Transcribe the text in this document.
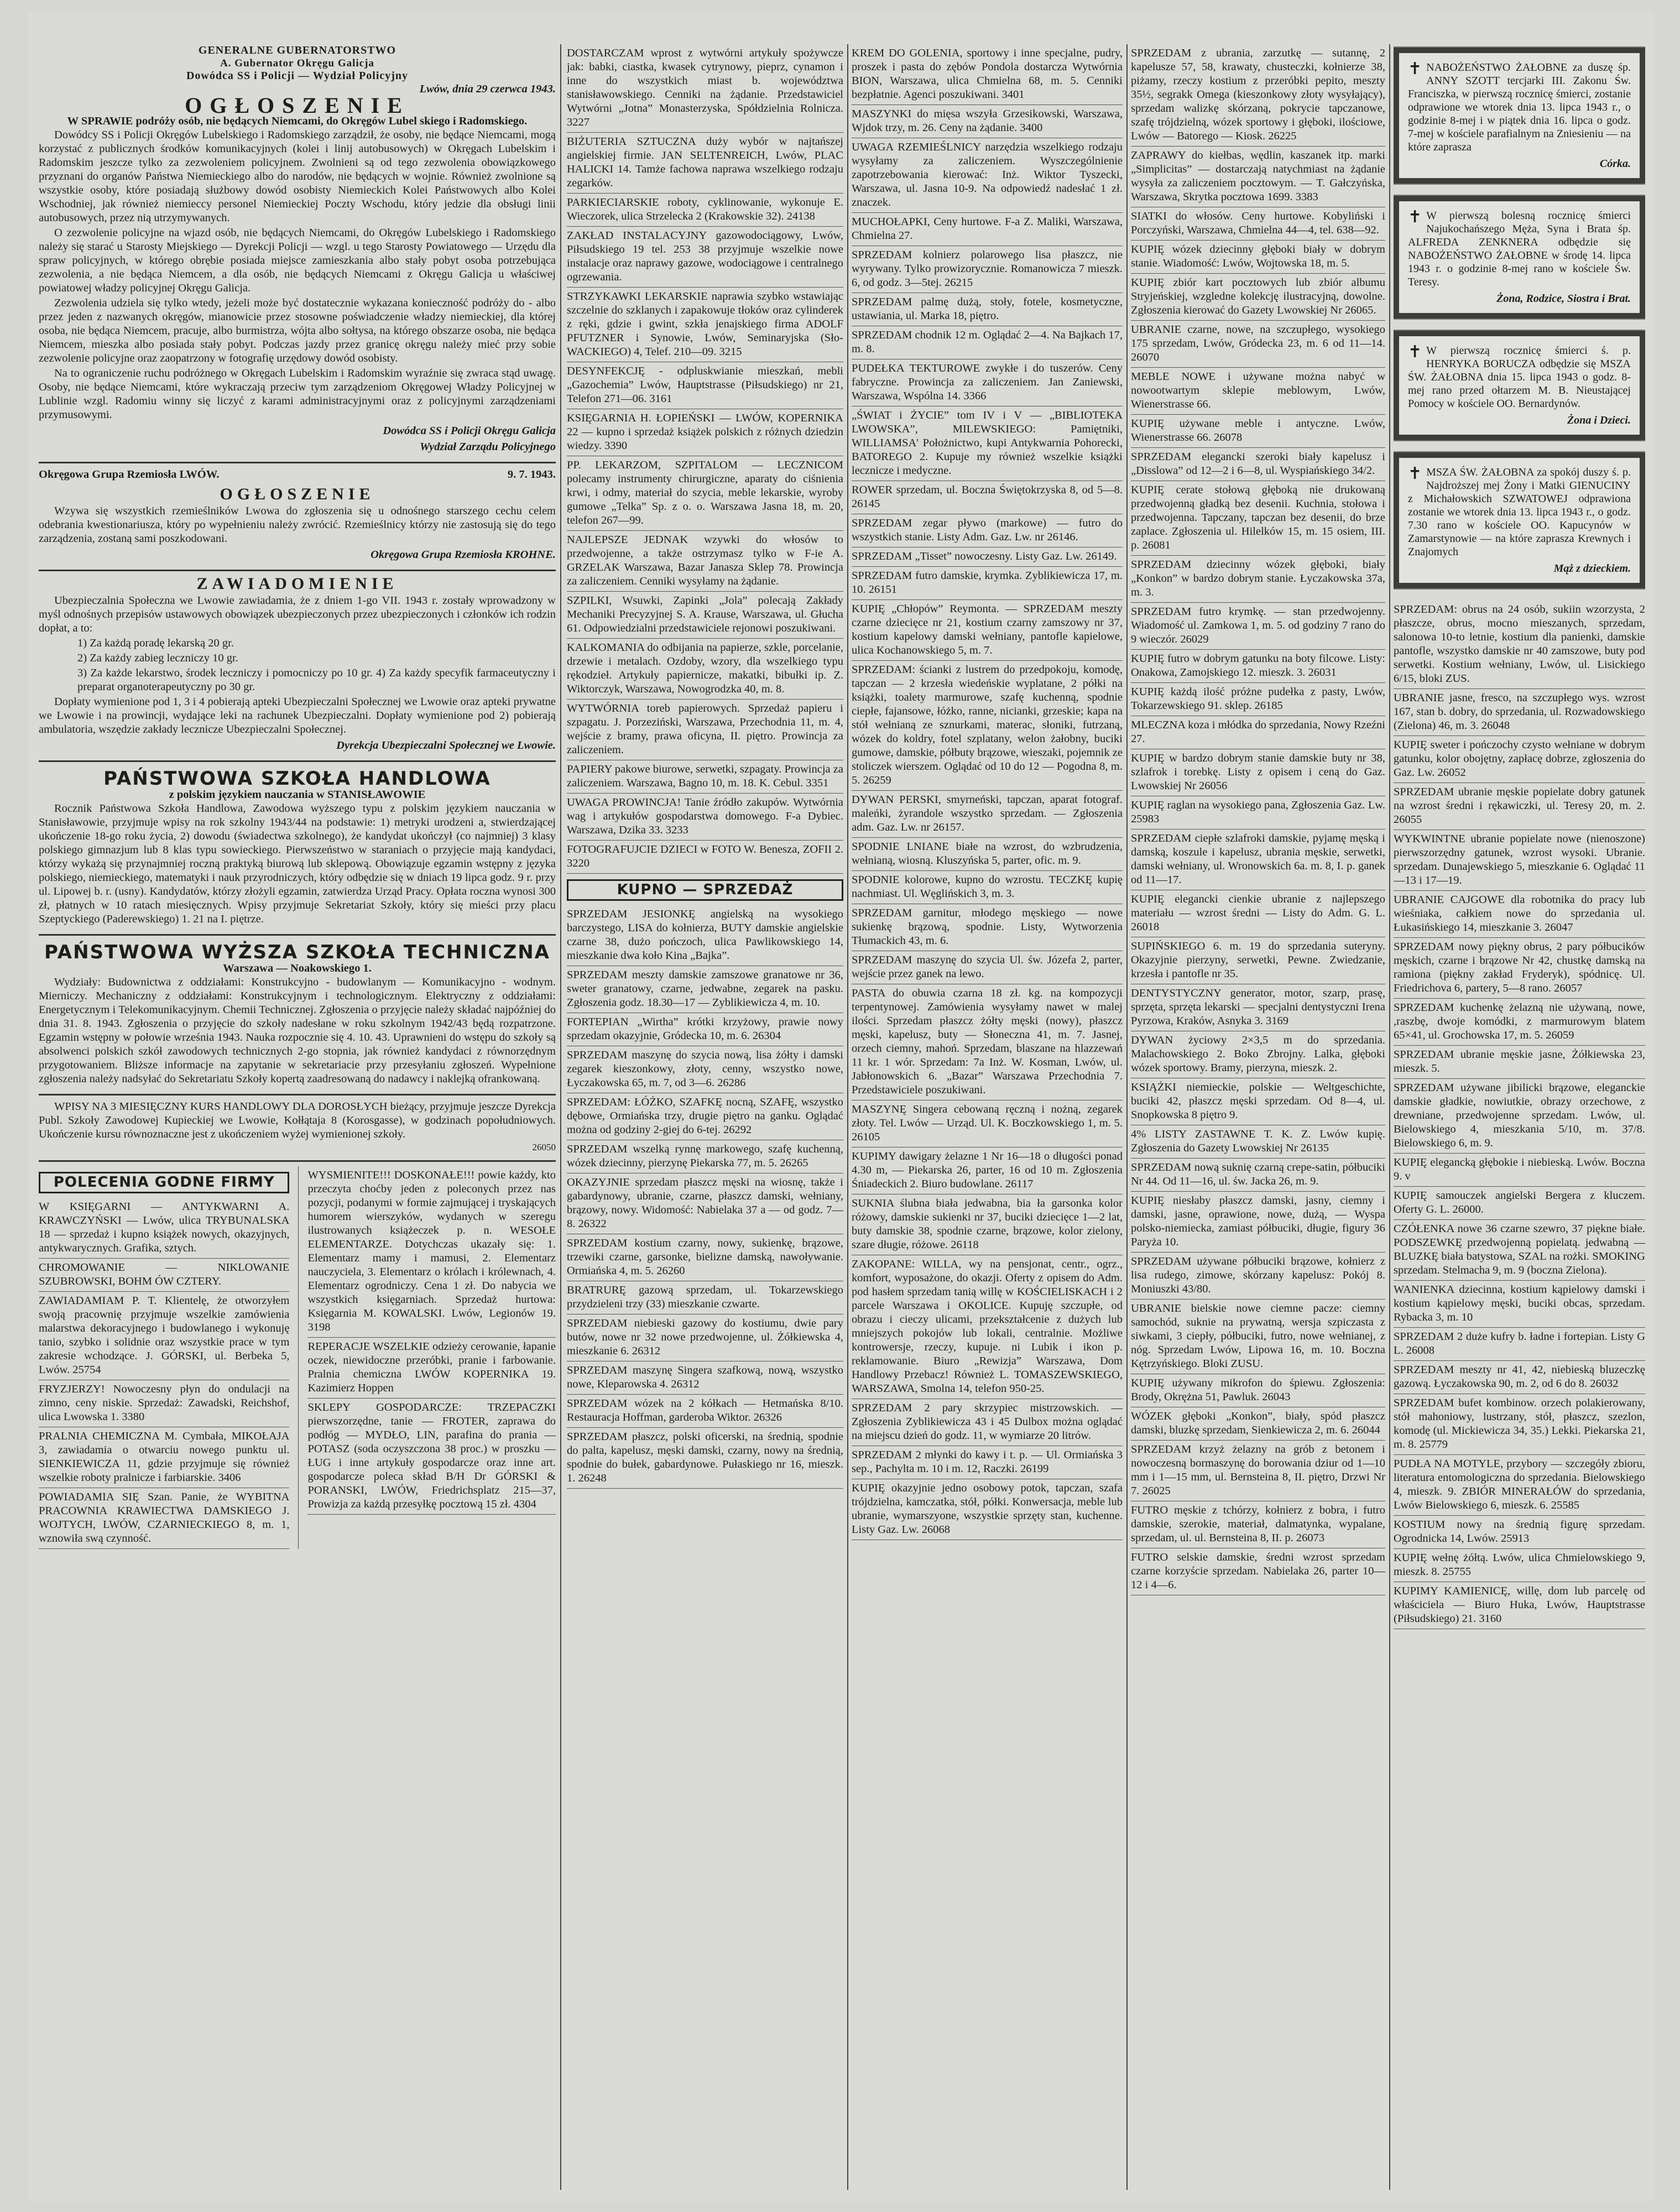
GENERALNE GUBERNATORSTWO
A. Gubernator Okręgu Galicja
Dowódca SS i Policji — Wydział Policyjny
Lwów, dnia 29 czerwca 1943.
OGŁOSZENIE
W SPRAWIE podróży osób, nie będących Niemcami, do Okręgów Lubel skiego i Radomskiego.

Dowódcy SS i Policji Okręgów Lubelskiego i Radomskiego zarządził, że osoby, nie będące Niemcami, mogą korzystać z publicznych środków komunikacyjnych (kolei i linij autobusowych) w Okręgach Lubelskim i Radomskim jeszcze tylko za zezwoleniem policyjnem. Zwolnieni są od tego zezwolenia obowiązkowego przyznani do organów Państwa Niemieckiego albo do narodów, nie będących w wojnie. Również zwolnione są wszystkie osoby, które posiadają służbowy dowód osobisty Niemieckich Kolei Państwowych albo Kolei Wschodniej, jak również niemieccy personel Niemieckiej Poczty Wschodu, który jedzie dla obsługi linii autobusowych, przez nią utrzymywanych.

O zezwolenie policyjne na wjazd osób, nie będących Niemcami, do Okręgów Lubelskiego i Radomskiego należy się starać u Starosty Miejskiego — Dyrekcji Policji — wzgl. u tego Starosty Powiatowego — Urzędu dla spraw policyjnych, w którego obrębie posiada miejsce zamieszkania albo stały pobyt osoba potrzebująca zezwolenia, a nie będąca Niemcem, a dla osób, nie będących Niemcami z Okręgu Galicja u właściwej powiatowej władzy policyjnej Okręgu Galicja.

Zezwolenia udziela się tylko wtedy, jeżeli może być dostatecznie wykazana konieczność podróży do - albo przez jeden z nazwanych okręgów, mianowicie przez stosowne poświadczenie władzy niemieckiej, dla której osoba, nie będąca Niemcem, pracuje, albo burmistrza, wójta albo sołtysa, na którego obszarze osoba, nie będąca Niemcem, mieszka albo posiada stały pobyt. Podczas jazdy przez granicę okręgu należy mieć przy sobie zezwolenie policyjne oraz zaopatrzony w fotografię urzędowy dowód osobisty.

Na to ograniczenie ruchu podróżnego w Okręgach Lubelskim i Radomskim wyraźnie się zwraca stąd uwagę. Osoby, nie będące Niemcami, które wykraczają przeciw tym zarządzeniom Okręgowej Władzy Policyjnej w Lublinie wzgl. Radomiu winny się liczyć z karami administracyjnymi oraz z policyjnymi zarządzeniami przymusowymi.

Dowódca SS i Policji Okręgu Galicja
Wydział Zarządu Policyjnego
Okręgowa Grupa Rzemiosła LWÓW.	9. 7. 1943.
OGŁOSZENIE

Wzywa się wszystkich rzemieślników Lwowa do zgłoszenia się u odnośnego starszego cechu celem odebrania kwestionariusza, który po wypełnieniu należy zwrócić. Rzemieślnicy którzy nie zastosują się do tego zarządzenia, zostaną sami poszkodowani.

Okręgowa Grupa Rzemiosła KROHNE.
ZAWIADOMIENIE

Ubezpieczalnia Społeczna we Lwowie zawiadamia, że z dniem 1-go VII. 1943 r. zostały wprowadzony w myśl odnośnych przepisów ustawowych obowiązek ubezpieczonych przez ubezpieczonych i członków ich rodzin dopłat, a to:

1) Za każdą poradę lekarską 20 gr.

2) Za każdy zabieg leczniczy 10 gr.

3) Za każde lekarstwo, środek leczniczy i pomocniczy po 10 gr. 4) Za każdy specyfik farmaceutyczny i preparat organoterapeutyczny po 30 gr.

Dopłaty wymienione pod 1, 3 i 4 pobierają apteki Ubezpieczalni Społecznej we Lwowie oraz apteki prywatne we Lwowie i na prowincji, wydające leki na rachunek Ubezpieczalni. Dopłaty wymienione pod 2) pobierają ambulatoria, wszędzie zakłady lecznicze Ubezpieczalni Społecznej.

Dyrekcja Ubezpieczalni Społecznej we Lwowie.
PAŃSTWOWA SZKOŁA HANDLOWA
z polskim językiem nauczania w STANISŁAWOWIE

Rocznik Państwowa Szkoła Handlowa, Zawodowa wyższego typu z polskim językiem nauczania w Stanisławowie, przyjmuje wpisy na rok szkolny 1943/44 na podstawie: 1) metryki urodzeni a, stwierdzającej ukończenie 18-go roku życia, 2) dowodu (świadectwa szkolnego), że kandydat ukończył (co najmniej) 3 klasy polskiego gimnazjum lub 8 klas typu sowieckiego. Pierwszeństwo w staraniach o przyjęcie mają kandydaci, którzy wykażą się przynajmniej roczną praktyką biurową lub sklepową. Obowiązuje egzamin wstępny z języka polskiego, niemieckiego, matematyki i nauk przyrodniczych, który odbędzie się w dniach 19 lipca godz. 9 r. przy ul. Lipowej b. r. (usny). Kandydatów, którzy złożyli egzamin, zatwierdza Urząd Pracy. Opłata roczna wynosi 300 zł, płatnych w 10 ratach miesięcznych. Wpisy przyjmuje Sekretariat Szkoły, który się mieści przy placu Szeptyckiego (Paderewskiego) 1. 21 na I. piętrze.

PAŃSTWOWA WYŻSZA SZKOŁA TECHNICZNA
Warszawa — Noakowskiego 1.

Wydziały: Budownictwa z oddziałami: Konstrukcyjno - budowlanym — Komunikacyjno - wodnym. Mierniczy. Mechaniczny z oddziałami: Konstrukcyjnym i technologicznym. Elektryczny z oddziałami: Energetycznym i Telekomunikacyjnym. Chemii Technicznej. Zgłoszenia o przyjęcie należy składać najpóźniej do dnia 31. 8. 1943. Zgłoszenia o przyjęcie do szkoły nadesłane w roku szkolnym 1942/43 będą rozpatrzone. Egzamin wstępny w połowie września 1943. Nauka rozpocznie się 4. 10. 43. Uprawnieni do wstępu do szkoły są absolwenci polskich szkół zawodowych technicznych 2-go stopnia, jak również kandydaci z równorzędnym przygotowaniem. Bliższe informacje na zapytanie w sekretariacie przy przesyłaniu zgłoszeń. Wypełnione zgłoszenia należy nadsyłać do Sekretariatu Szkoły kopertą zaadresowaną do nadawcy i naklejką ofrankowaną.

WPISY NA 3 MIESIĘCZNY KURS HANDLOWY DLA DOROSŁYCH bieżący, przyjmuje jeszcze Dyrekcja Publ. Szkoły Zawodowej Kupieckiej we Lwowie, Kołłątaja 8 (Korosgasse), w godzinach popołudniowych. Ukończenie kursu równoznaczne jest z ukończeniem wyżej wymienionej szkoły.

26050
POLECENIA GODNE FIRMY
W KSIĘGARNI — ANTYKWARNI A. KRAWCZYŃSKI — Lwów, ulica TRYBUNALSKA 18 — sprzedaż i kupno książek nowych, okazyjnych, antykwarycznych. Grafika, sztych.
CHROMOWANIE — NIKLOWANIE SZUBROWSKI, BOHM ÓW CZTERY.
ZAWIADAMIAM P. T. Klientelę, że otworzyłem swoją pracownię przyjmuje wszelkie zamówienia malarstwa dekoracyjnego i budowlanego i wykonuję tanio, szybko i solidnie oraz wszystkie prace w tym zakresie wchodzące. J. GÓRSKI, ul. Berbeka 5, Lwów. 25754
FRYZJERZY! Nowoczesny płyn do ondulacji na zimno, ceny niskie. Sprzedaż: Zawadski, Reichshof, ulica Lwowska 1. 3380
PRALNIA CHEMICZNA M. Cymbała, MIKOŁAJA 3, zawiadamia o otwarciu nowego punktu ul. SIENKIEWICZA 11, gdzie przyjmuje się również wszelkie roboty pralnicze i farbiarskie. 3406
POWIADAMIA SIĘ Szan. Panie, że WYBITNA PRACOWNIA KRAWIECTWA DAMSKIEGO J. WOJTYCH, LWÓW, CZARNIECKIEGO 8, m. 1, wznowiła swą czynność.
WYSMIENITE!!! DOSKONAŁE!!! powie każdy, kto przeczyta choćby jeden z poleconych przez nas pozycji, podanymi w formie zajmującej i tryskających humorem wierszyków, wydanych w szeregu ilustrowanych książeczek p. n. WESOŁE ELEMENTARZE. Dotychczas ukazały się: 1. Elementarz mamy i mamusi, 2. Elementarz nauczyciela, 3. Elementarz o królach i królewnach, 4. Elementarz ogrodniczy. Cena 1 zł. Do nabycia we wszystkich księgarniach. Sprzedaż hurtowa: Księgarnia M. KOWALSKI. Lwów, Legionów 19. 3198
REPERACJE WSZELKIE odzieży cerowanie, łapanie oczek, niewidoczne przeróbki, pranie i farbowanie. Pralnia chemiczna LWÓW KOPERNIKA 19. Kazimierz Hoppen
SKLEPY GOSPODARCZE: TRZEPACZKI pierwszorzędne, tanie — FROTER, zaprawa do podłóg — MYDŁO, LIN, parafina do prania — POTASZ (soda oczyszczona 38 proc.) w proszku — ŁUG i inne artykuły gospodarcze oraz inne art. gospodarcze poleca skład B/H Dr GÓRSKI & PORANSKI, LWÓW, Friedrichsplatz 215—37, Prowizja za każdą przesyłkę pocztową 15 zł. 4304
DOSTARCZAM wprost z wytwórni artykuły spożywcze jak: babki, ciastka, kwasek cytrynowy, pieprz, cynamon i inne do wszystkich miast b. województwa stanisławowskiego. Cenniki na żądanie. Przedstawiciel Wytwórni „Jotna” Monasterzyska, Spółdzielnia Rolnicza. 3227
BIŻUTERIA SZTUCZNA duży wybór w najtańszej angielskiej firmie. JAN SELTENREICH, Lwów, PLAC HALICKI 14. Tamże fachowa naprawa wszelkiego rodzaju zegarków.
PARKIECIARSKIE roboty, cyklinowanie, wykonuje E. Wieczorek, ulica Strzelecka 2 (Krakowskie 32). 24138
ZAKŁAD INSTALACYJNY gazowodociągowy, Lwów, Piłsudskiego 19 tel. 253 38 przyjmuje wszelkie nowe instalacje oraz naprawy gazowe, wodociągowe i centralnego ogrzewania.
STRZYKAWKI LEKARSKIE naprawia szybko wstawiając szczelnie do szklanych i zapakowuje tłoków oraz cylinderek z ręki, gdzie i gwint, szkła jenajskiego firma ADOLF PFUTZNER i Synowie, Lwów, Seminaryjska (Sło-WACKIEGO) 4, Telef. 210—09. 3215
DESYNFEKCJĘ - odpluskwianie mieszkań, mebli „Gazochemia” Lwów, Hauptstrasse (Piłsudskiego) nr 21, Telefon 271—06. 3161
KSIĘGARNIA H. ŁOPIEŃSKI — LWÓW, KOPERNIKA 22 — kupno i sprzedaż książek polskich z różnych dziedzin wiedzy. 3390
PP. LEKARZOM, SZPITALOM — LECZNICOM polecamy instrumenty chirurgiczne, aparaty do ciśnienia krwi, i odmy, materiał do szycia, meble lekarskie, wyroby gumowe „Telka” Sp. z o. o. Warszawa Jasna 18, m. 20, telefon 267—99.
NAJLEPSZE JEDNAK wzywki do włosów to przedwojenne, a także ostrzymasz tylko w F-ie A. GRZELAK Warszawa, Bazar Janasza Sklep 78. Prowincja za zaliczeniem. Cenniki wysyłamy na żądanie.
SZPILKI, Wsuwki, Zapinki „Jola” polecają Zakłady Mechaniki Precyzyjnej S. A. Krause, Warszawa, ul. Głucha 61. Odpowiedzialni przedstawiciele rejonowi poszukiwani.
KALKOMANIA do odbijania na papierze, szkle, porcelanie, drzewie i metalach. Ozdoby, wzory, dla wszelkiego typu rękodzieł. Artykuły papiernicze, makatki, bibułki ip. Z. Wiktorczyk, Warszawa, Nowogrodzka 40, m. 8.
WYTWÓRNIA toreb papierowych. Sprzedaż papieru i szpagatu. J. Porzeziński, Warszawa, Przechodnia 11, m. 4, wejście z bramy, prawa oficyna, II. piętro. Prowincja za zaliczeniem.
PAPIERY pakowe biurowe, serwetki, szpagaty. Prowincja za zaliczeniem. Warszawa, Bagno 10, m. 18. K. Cebul. 3351
UWAGA PROWINCJA! Tanie źródło zakupów. Wytwórnia wag i artykułów gospodarstwa domowego. F-a Dybiec. Warszawa, Dzika 33. 3233
FOTOGRAFUJCIE DZIECI w FOTO W. Benesza, ZOFII 2. 3220
KUPNO — SPRZEDAŻ
SPRZEDAM JESIONKĘ angielską na wysokiego barczystego, LISA do kołnierza, BUTY damskie angielskie czarne 38, dużo pończoch, ulica Pawlikowskiego 14, mieszkanie dwa koło Kina „Bajka”.
SPRZEDAM meszty damskie zamszowe granatowe nr 36, sweter granatowy, czarne, jedwabne, zegarek na pasku. Zgłoszenia godz. 18.30—17 — Zyblikiewicza 4, m. 10.
FORTEPIAN „Wirtha” krótki krzyżowy, prawie nowy sprzedam okazyjnie, Gródecka 10, m. 6. 26304
SPRZEDAM maszynę do szycia nową, lisa żółty i damski zegarek kieszonkowy, złoty, cenny, wszystko nowe, Łyczakowska 65, m. 7, od 3—6. 26286
SPRZEDAM: ŁÓŻKO, SZAFKĘ nocną, SZAFĘ, wszystko dębowe, Ormiańska trzy, drugie piętro na ganku. Oglądać można od godziny 2-giej do 6-tej. 26292
SPRZEDAM wszelką rynnę markowego, szafę kuchenną, wózek dziecinny, pierzynę Piekarska 77, m. 5. 26265
OKAZYJNIE sprzedam płaszcz męski na wiosnę, także i gabardynowy, ubranie, czarne, płaszcz damski, wełniany, brązowy, nowy. Widomość: Nabielaka 37 a — od godz. 7—8. 26322
SPRZEDAM kostium czarny, nowy, sukienkę, brązowe, trzewiki czarne, garsonke, bielizne damską, nawoływanie. Ormiańska 4, m. 5. 26260
BRATRURĘ gazową sprzedam, ul. Tokarzewskiego przydzieleni trzy (33) mieszkanie czwarte.
SPRZEDAM niebieski gazowy do kostiumu, dwie pary butów, nowe nr 32 nowe przedwojenne, ul. Żółkiewska 4, mieszkanie 6. 26312
SPRZEDAM maszynę Singera szafkową, nową, wszystko nowe, Kleparowska 4. 26312
SPRZEDAM wózek na 2 kółkach — Hetmańska 8/10. Restauracja Hoffman, garderoba Wiktor. 26326
SPRZEDAM płaszcz, polski oficerski, na średnią, spodnie do palta, kapelusz, męski damski, czarny, nowy na średnią, spodnie do bułek, gabardynowe. Pułaskiego nr 16, mieszk. 1. 26248
KREM DO GOLENIA, sportowy i inne specjalne, pudry, proszek i pasta do zębów Pondola dostarcza Wytwórnia BION, Warszawa, ulica Chmielna 68, m. 5. Cenniki bezpłatnie. Agenci poszukiwani. 3401
MASZYNKI do mięsa wszyła Grzesikowski, Warszawa, Wjdok trzy, m. 26. Ceny na żądanie. 3400
UWAGA RZEMIEŚLNICY narzędzia wszelkiego rodzaju wysyłamy za zaliczeniem. Wyszczególnienie zapotrzebowania kierować: Inż. Wiktor Tyszecki, Warszawa, ul. Jasna 10-9. Na odpowiedź nadesłać 1 zł. znaczek.
MUCHOŁAPKI, Ceny hurtowe. F-a Z. Maliki, Warszawa, Chmielna 27.
SPRZEDAM kolnierz polarowego lisa płaszcz, nie wyrywany. Tylko prowizorycznie. Romanowicza 7 mieszk. 6, od godz. 3—5tej. 26215
SPRZEDAM palmę dużą, stoły, fotele, kosmetyczne, ustawiania, ul. Marka 18, piętro.
SPRZEDAM chodnik 12 m. Oglądać 2—4. Na Bajkach 17, m. 8.
PUDEŁKA TEKTUROWE zwykłe i do tuszerów. Ceny fabryczne. Prowincja za zaliczeniem. Jan Zaniewski, Warszawa, Wspólna 14. 3366
„ŚWIAT i ŻYCIE” tom IV i V — „BIBLIOTEKA LWOWSKA”, MILEWSKIEGO: Pamiętniki, WILLIAMSA' Położnictwo, kupi Antykwarnia Pohorecki, BATOREGO 2. Kupuje my również wszelkie książki lecznicze i medyczne.
ROWER sprzedam, ul. Boczna Świętokrzyska 8, od 5—8. 26145
SPRZEDAM zegar pływo (markowe) — futro do wszystkich stanie. Listy Adm. Gaz. Lw. nr 26146.
SPRZEDAM „Tisset” nowoczesny. Listy Gaz. Lw. 26149.
SPRZEDAM futro damskie, krymka. Zyblikiewicza 17, m. 10. 26151
KUPIĘ „Chłopów” Reymonta. — SPRZEDAM meszty czarne dziecięce nr 21, kostium czarny zamszowy nr 37, kostium kapelowy damski wełniany, pantofle kapielowe, ulica Kochanowskiego 5, m. 7.
SPRZEDAM: ścianki z lustrem do przedpokoju, komodę, tapczan — 2 krzesła wiedeńskie wyplatane, 2 półki na książki, toalety marmurowe, szafę kuchenną, spodnie ciepłe, fajansowe, łóżko, ranne, nicianki, grzeskie; kapa na stół wełnianą ze sznurkami, materac, słoniki, futrzaną, wózek do koldry, fotel szplatany, welon żałobny, buciki gumowe, damskie, półbuty brązowe, wieszaki, pojemnik ze stoliczek wierszem. Oglądać od 10 do 12 — Pogodna 8, m. 5. 26259
DYWAN PERSKI, smyrneński, tapczan, aparat fotograf. maleńki, żyrandole wszystko sprzedam. — Zgłoszenia adm. Gaz. Lw. nr 26157.
SPODNIE LNIANE białe na wzrost, do wzbrudzenia, wełnianą, wiosną. Kluszyńska 5, parter, ofic. m. 9.
SPODNIE kolorowe, kupno do wzrostu. TECZKĘ kupię nachmiast. Ul. Węglińskich 3, m. 3.
SPRZEDAM garnitur, młodego męskiego — nowe sukienkę brązową, spodnie. Listy, Wytworzenia Tłumackich 43, m. 6.
SPRZEDAM maszynę do szycia Ul. św. Józefa 2, parter, wejście przez ganek na lewo.
PASTA do obuwia czarna 18 zł. kg. na kompozycji terpentynowej. Zamówienia wysyłamy nawet w malej ilości. Sprzedam płaszcz żółty męski (nowy), płaszcz męski, kapelusz, buty — Słoneczna 41, m. 7. Jasnej, orzech ciemny, mahoń. Sprzedam, blaszane na hlazzewań 11 kr. 1 wór. Sprzedam: 7a Inż. W. Kosman, Lwów, ul. Jabłonowskich 6. „Bazar” Warszawa Przechodnia 7. Przedstawiciele poszukiwani.
MASZYNĘ Singera cebowaną ręczną i nożną, zegarek złoty. Tel. Lwów — Urząd. Ul. K. Boczkowskiego 1, m. 5. 26105
KUPIMY dawigary żelazne 1 Nr 16—18 o długości ponad 4.30 m, — Piekarska 26, parter, 16 od 10 m. Zgłoszenia Śniadeckich 2. Biuro budowlane. 26117
SUKNIA ślubna biała jedwabna, bia ła garsonka kolor różowy, damskie sukienki nr 37, buciki dziecięce 1—2 lat, buty damskie 38, spodnie czarne, brązowe, kolor zielony, szare długie, różowe. 26118
ZAKOPANE: WILLA, wy na pensjonat, centr., ogrz., komfort, wyposażone, do okazji. Oferty z opisem do Adm. pod hasłem sprzedam tanią willę w KOŚCIELISKACH i 2 parcele Warszawa i OKOLICE. Kupuję szczupłe, od obrazu i cieczy ulicami, przekształcenie z dużych lub mniejszych pokojów lub lokali, centralnie. Możliwe kontrowersje, rzeczy, kupuje. ni Lubik i ikon p. reklamowanie. Biuro „Rewizja” Warszawa, Dom Handlowy Przebacz! Również L. TOMASZEWSKIEGO, WARSZAWA, Smolna 14, telefon 950-25.
SPRZEDAM 2 pary skrzypiec mistrzowskich. — Zgłoszenia Zyblikiewicza 43 i 45 Dulbox można oglądać na miejscu dzień do godz. 11, w wymiarze 20 litrów.
SPRZEDAM 2 młynki do kawy i t. p. — Ul. Ormiańska 3 sep., Pachylta m. 10 i m. 12, Raczki. 26199
KUPIĘ okazyjnie jedno osobowy potok, tapczan, szafa trójdzielna, kamczatka, stół, półki. Konwersacja, meble lub ubranie, wymarszyone, wszystkie sprzęty stan, kuchenne. Listy Gaz. Lw. 26068
SPRZEDAM z ubrania, zarzutkę — sutannę, 2 kapelusze 57, 58, krawaty, chusteczki, kołnierze 38, piżamy, rzeczy kostium z przeróbki pepito, meszty 35½, segrakk Omega (kieszonkowy złoty wysyłający), sprzedam walizkę skórzaną, pokrycie tapczanowe, szafę trójdzielną, wózek sportowy i głęboki, ilościowe, Lwów — Batorego — Kiosk. 26225
ZAPRAWY do kiełbas, wędlin, kaszanek itp. marki „Simplicitas” — dostarczają natychmiast na żądanie wysyła za zaliczeniem pocztowym. — T. Gałczyńska, Warszawa, Skrytka pocztowa 1699. 3383
SIATKI do włosów. Ceny hurtowe. Kobyliński i Porczyński, Warszawa, Chmielna 44—4, tel. 638—92.
KUPIĘ wózek dziecinny głęboki biały w dobrym stanie. Wiadomość: Lwów, Wojtowska 18, m. 5.
KUPIĘ zbiór kart pocztowych lub zbiór albumu Stryjeńskiej, wzgledne kolekcję ilustracyjną, dowolne. Zgłoszenia kierować do Gazety Lwowskiej Nr 26065.
UBRANIE czarne, nowe, na szczupłego, wysokiego 175 sprzedam, Lwów, Gródecka 23, m. 6 od 11—14. 26070
MEBLE NOWE i używane można nabyć w nowootwartym sklepie meblowym, Lwów, Wienerstrasse 66.
KUPIĘ używane meble i antyczne. Lwów, Wienerstrasse 66. 26078
SPRZEDAM elegancki szeroki biały kapelusz i „Disslowa” od 12—2 i 6—8, ul. Wyspiańskiego 34/2.
KUPIĘ cerate stołową głęboką nie drukowaną przedwojenną gładką bez desenii. Kuchnia, stołowa i przedwojenna. Tapczany, tapczan bez desenii, do brze zaplace. Zgłoszenia ul. Hilelków 15, m. 15 osiem, III. p. 26081
SPRZEDAM dziecinny wózek głęboki, biały „Konkon” w bardzo dobrym stanie. Łyczakowska 37a, m. 3.
SPRZEDAM futro krymkę. — stan przedwojenny. Wiadomość ul. Zamkowa 1, m. 5. od godziny 7 rano do 9 wieczór. 26029
KUPIĘ futro w dobrym gatunku na boty filcowe. Listy: Onakowa, Zamojskiego 12. mieszk. 3. 26031
KUPIĘ każdą ilość próżne pudełka z pasty, Lwów, Tokarzewskiego 91. sklep. 26185
MLECZNA koza i młódka do sprzedania, Nowy Rzeźni 27.
KUPIĘ w bardzo dobrym stanie damskie buty nr 38, szlafrok i torebkę. Listy z opisem i ceną do Gaz. Lwowskiej Nr 26056
KUPIĘ raglan na wysokiego pana, Zgłoszenia Gaz. Lw. 25983
SPRZEDAM ciepłe szlafroki damskie, pyjamę męską i damską, koszule i kapelusz, ubrania męskie, serwetki, damski wełniany, ul. Wronowskich 6a. m. 8, I. p. ganek od 11—17.
KUPIĘ elegancki cienkie ubranie z najlepszego materiału — wzrost średni — Listy do Adm. G. L. 26018
SUPIŃSKIEGO 6. m. 19 do sprzedania suteryny. Okazyjnie pierzyny, serwetki, Pewne. Zwiedzanie, krzesła i pantofle nr 35.
DENTYSTYCZNY generator, motor, szarp, prasę, sprzęta, sprzęta lekarski — specjalni dentystyczni Irena Pyrzowa, Kraków, Asnyka 3. 3169
DYWAN życiowy 2×3,5 m do sprzedania. Malachowskiego 2. Boko Zbrojny. Lalka, głęboki wózek sportowy. Bramy, pierzyna, mieszk. 2.
KSIĄŻKI niemieckie, polskie — Weltgeschichte, buciki 42, płaszcz męski sprzedam. Od 8—4, ul. Snopkowska 8 piętro 9.
4% LISTY ZASTAWNE T. K. Z. Lwów kupię. Zgłoszenia do Gazety Lwowskiej Nr 26135
SPRZEDAM nową suknię czarną crepe-satin, półbuciki Nr 44. Od 11—16, ul. św. Jacka 26, m. 9.
KUPIĘ niesłaby płaszcz damski, jasny, ciemny i damski, jasne, oprawione, nowe, dużą, — Wyspa polsko-niemiecka, zamiast półbuciki, długie, figury 36 Paryża 10.
SPRZEDAM używane półbuciki brązowe, kołnierz z lisa rudego, zimowe, skórzany kapelusz: Pokój 8. Moniuszki 43/80.
UBRANIE bielskie nowe ciemne pacze: ciemny samochód, suknie na prywatną, wersja szpiczasta z siwkami, 3 ciepły, półbuciki, futro, nowe wełnianej, z nóg. Sprzedam Lwów, Lipowa 16, m. 10. Boczna Kętrzyńskiego. Bloki ZUSU.
KUPIĘ używany mikrofon do śpiewu. Zgłoszenia: Brody, Okrężna 51, Pawluk. 26043
WÓZEK głęboki „Konkon”, biały, spód płaszcz damski, bluzkę sprzedam, Sienkiewicza 2, m. 6. 26044
SPRZEDAM krzyż żelazny na grób z betonem i nowoczesną bormaszynę do borowania dziur od 1—10 mm i 1—15 mm, ul. Bernsteina 8, II. piętro, Drzwi Nr 7. 26025
FUTRO męskie z tchórzy, kołnierz z bobra, i futro damskie, szerokie, materiał, dalmatynka, wypalane, sprzedam, ul. ul. Bernsteina 8, II. p. 26073
FUTRO selskie damskie, średni wzrost sprzedam czarne korzyście sprzedam. Nabielaka 26, parter 10—12 i 4—6.
✝ NABOŻEŃSTWO ŻAŁOBNE za duszę śp. ANNY SZOTT tercjarki III. Zakonu Św. Franciszka, w pierwszą rocznicę śmierci, zostanie odprawione we wtorek dnia 13. lipca 1943 r., o godzinie 8-mej i w piątek dnia 16. lipca o godz. 7-mej w kościele parafialnym na Zniesieniu — na które zaprasza
Córka.
✝ W pierwszą bolesną rocznicę śmierci Najukochańszego Męża, Syna i Brata śp. ALFREDA ZENKNERA odbędzie się NABOŻEŃSTWO ŻAŁOBNE w środę 14. lipca 1943 r. o godzinie 8-mej rano w kościele Św. Teresy.
Żona, Rodzice, Siostra i Brat.
✝ W pierwszą rocznicę śmierci ś. p. HENRYKA BORUCZA odbędzie się MSZA ŚW. ŻAŁOBNA dnia 15. lipca 1943 o godz. 8-mej rano przed ołtarzem M. B. Nieustającej Pomocy w kościele OO. Bernardynów.
Żona i Dzieci.
✝ MSZA ŚW. ŻAŁOBNA za spokój duszy ś. p. Najdroższej mej Żony i Matki GIENUCINY z Michałowskich SZWATOWEJ odprawiona zostanie we wtorek dnia 13. lipca 1943 r., o godz. 7.30 rano w kościele OO. Kapucynów w Zamarstynowie — na które zaprasza Krewnych i Znajomych
Mąż z dzieckiem.
SPRZEDAM: obrus na 24 osób, sukiin wzorzysta, 2 płaszcze, obrus, mocno mieszanych, sprzedam, salonowa 10-to letnie, kostium dla panienki, damskie pantofle, wszystko damskie nr 40 zamszowe, buty pod serwetki. Kostium wełniany, Lwów, ul. Lisickiego 6/15, bloki ZUS.
UBRANIE jasne, fresco, na szczupłego wys. wzrost 167, stan b. dobry, do sprzedania, ul. Rozwadowskiego (Zielona) 46, m. 3. 26048
KUPIĘ sweter i pończochy czysto wełniane w dobrym gatunku, kolor obojętny, zapłacę dobrze, zgłoszenia do Gaz. Lw. 26052
SPRZEDAM ubranie męskie popielate dobry gatunek na wzrost średni i rękawiczki, ul. Teresy 20, m. 2. 26055
WYKWINTNE ubranie popielate nowe (nienoszone) pierwszorzędny gatunek, wzrost wysoki. Ubranie. sprzedam. Dunajewskiego 5, mieszkanie 6. Oglądać 11—13 i 17—19.
UBRANIE CAJGOWE dla robotnika do pracy lub wieśniaka, całkiem nowe do sprzedania ul. Łukasińskiego 14, mieszkanie 3. 26047
SPRZEDAM nowy piękny obrus, 2 pary półbucików męskich, czarne i brązowe Nr 42, chustkę damską na ramiona (piękny zakład Fryderyk), spódnicę. Ul. Friedrichova 6, partery, 5—8 rano. 26057
SPRZEDAM kuchenkę żelazną nie używaną, nowe, ,raszbę, dwoje komódki, z marmurowym blatem 65×41, ul. Grochowska 17, m. 5. 26059
SPRZEDAM ubranie męskie jasne, Żółkiewska 23, mieszk. 5.
SPRZEDAM używane jibilicki brązowe, eleganckie damskie gładkie, nowiutkie, obrazy orzechowe, z drewniane, przedwojenne sprzedam. Lwów, ul. Bielowskiego 4, mieszkania 5/10, m. 37/8. Bielowskiego 6, m. 9.
KUPIĘ elegancką głębokie i niebieską. Lwów. Boczna 9. v
KUPIĘ samouczek angielski Bergera z kluczem. Oferty G. L. 26000.
CZÓŁENKA nowe 36 czarne szewro, 37 piękne białe. PODSZEWKĘ przedwojenną popielatą. jedwabną — BLUZKĘ biała batystowa, SZAL na rożki. SMOKING sprzedam. Stelmacha 9, m. 9 (boczna Zielona).
WANIENKA dziecinna, kostium kąpielowy damski i kostium kąpielowy męski, buciki obcas, sprzedam. Rybacka 3, m. 10
SPRZEDAM 2 duże kufry b. ładne i fortepian. Listy G L. 26008
SPRZEDAM meszty nr 41, 42, niebieską bluzeczkę gazową. Łyczakowska 90, m. 2, od 6 do 8. 26032
SPRZEDAM bufet kombinow. orzech polakierowany, stół mahoniowy, lustrzany, stół, płaszcz, szezlon, komodę (ul. Mickiewicza 34, 35.) Lekki. Piekarska 21, m. 8. 25779
PUDŁA NA MOTYLE, przybory — szczegóły zbioru, literatura entomologiczna do sprzedania. Bielowskiego 4, mieszk. 9. ZBIÓR MINERAŁÓW do sprzedania, Lwów Bielowskiego 6, mieszk. 6. 25585
KOSTIUM nowy na średnią figurę sprzedam. Ogrodnicka 14, Lwów. 25913
KUPIĘ wełnę żółtą. Lwów, ulica Chmielowskiego 9, mieszk. 8. 25755
KUPIMY KAMIENICĘ, willę, dom lub parcelę od właściciela — Biuro Huka, Lwów, Hauptstrasse (Piłsudskiego) 21. 3160
